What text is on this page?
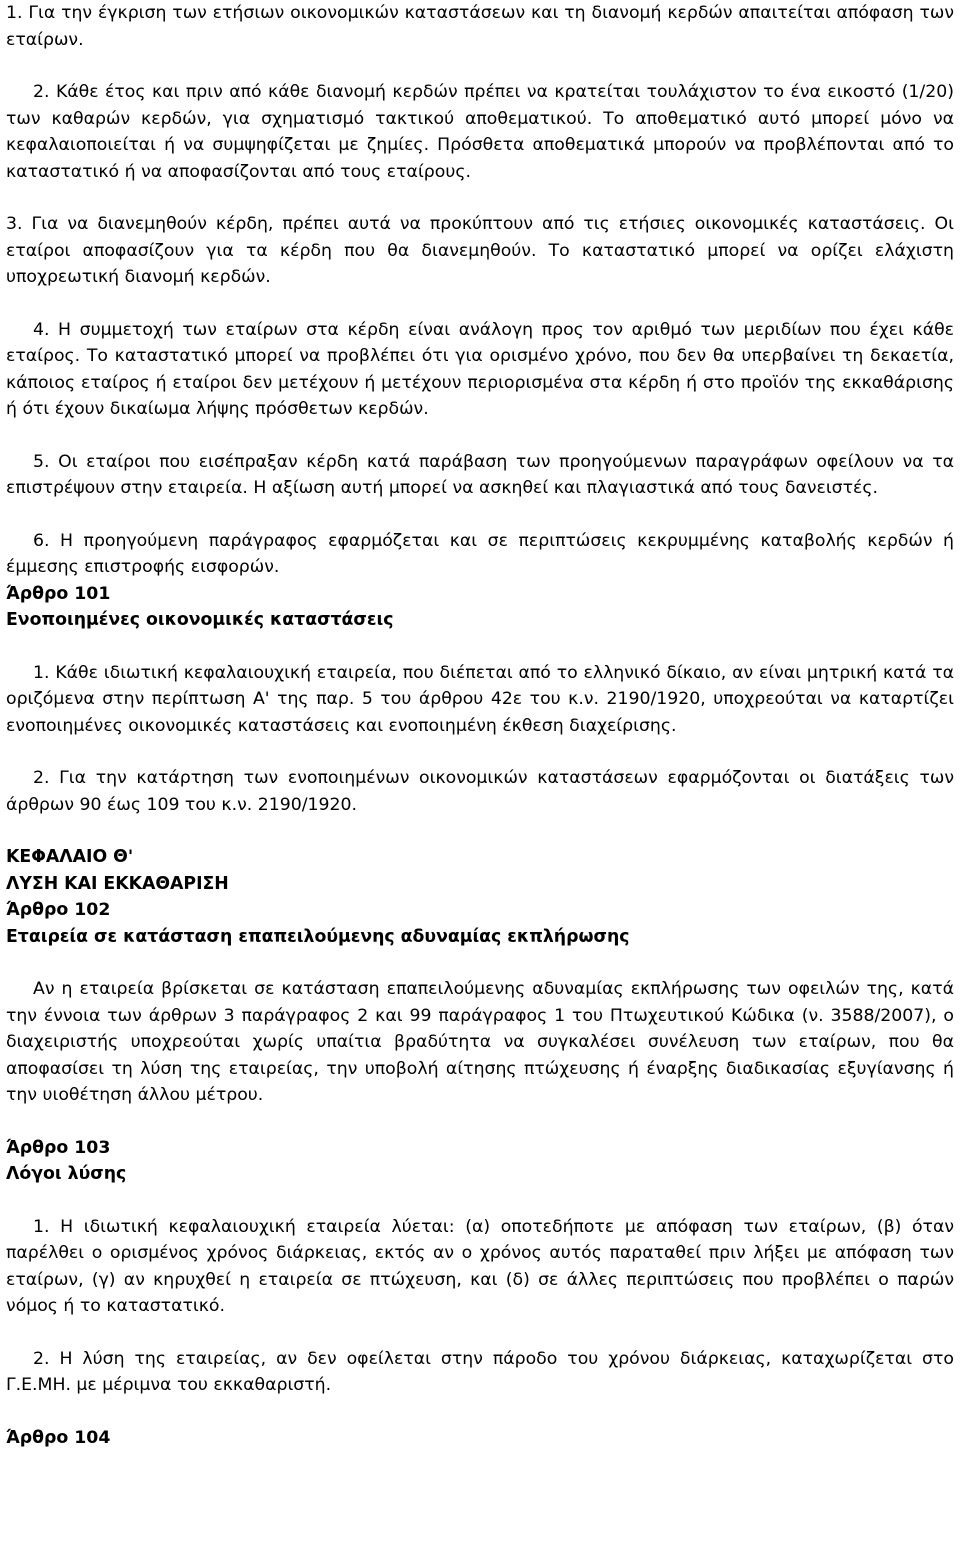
1. Για την έγκριση των ετήσιων οικονομικών καταστάσεων και τη διανομή κερδών απαιτείται απόφαση των εταίρων.

2. Κάθε έτος και πριν από κάθε διανομή κερδών πρέπει να κρατείται τουλάχιστον το ένα εικοστό (1/20) των καθαρών κερδών, για σχηματισμό τακτικού αποθεματικού. Το αποθεματικό αυτό μπορεί μόνο να κεφαλαιοποιείται ή να συμψηφίζεται με ζημίες. Πρόσθετα αποθεματικά μπορούν να προβλέπονται από το καταστατικό ή να αποφασίζονται από τους εταίρους.

3. Για να διανεμηθούν κέρδη, πρέπει αυτά να προκύπτουν από τις ετήσιες οικονομικές καταστάσεις. Οι εταίροι αποφασίζουν για τα κέρδη που θα διανεμηθούν. Το καταστατικό μπορεί να ορίζει ελάχιστη υποχρεωτική διανομή κερδών.

4. Η συμμετοχή των εταίρων στα κέρδη είναι ανάλογη προς τον αριθμό των μεριδίων που έχει κάθε εταίρος. Το καταστατικό μπορεί να προβλέπει ότι για ορισμένο χρόνο, που δεν θα υπερβαίνει τη δεκαετία, κάποιος εταίρος ή εταίροι δεν μετέχουν ή μετέχουν περιορισμένα στα κέρδη ή στο προϊόν της εκκαθάρισης ή ότι έχουν δικαίωμα λήψης πρόσθετων κερδών.

5. Οι εταίροι που εισέπραξαν κέρδη κατά παράβαση των προηγούμενων παραγράφων οφείλουν να τα επιστρέψουν στην εταιρεία. Η αξίωση αυτή μπορεί να ασκηθεί και πλαγιαστικά από τους δανειστές.

6. Η προηγούμενη παράγραφος εφαρμόζεται και σε περιπτώσεις κεκρυμμένης καταβολής κερδών ή έμμεσης επιστροφής εισφορών.

Άρθρο 101

Ενοποιημένες οικονομικές καταστάσεις

1. Κάθε ιδιωτική κεφαλαιουχική εταιρεία, που διέπεται από το ελληνικό δίκαιο, αν είναι μητρική κατά τα οριζόμενα στην περίπτωση Α' της παρ. 5 του άρθρου 42ε του κ.ν. 2190/1920, υποχρεούται να καταρτίζει ενοποιημένες οικονομικές καταστάσεις και ενοποιημένη έκθεση διαχείρισης.

2. Για την κατάρτηση των ενοποιημένων οικονομικών καταστάσεων εφαρμόζονται οι διατάξεις των άρθρων 90 έως 109 του κ.ν. 2190/1920.

ΚΕΦΑΛΑΙΟ Θ'

ΛΥΣΗ ΚΑΙ ΕΚΚΑΘΑΡΙΣΗ

Άρθρο 102

Εταιρεία σε κατάσταση επαπειλούμενης αδυναμίας εκπλήρωσης

Αν η εταιρεία βρίσκεται σε κατάσταση επαπειλούμενης αδυναμίας εκπλήρωσης των οφειλών της, κατά την έννοια των άρθρων 3 παράγραφος 2 και 99 παράγραφος 1 του Πτωχευτικού Κώδικα (ν. 3588/2007), ο διαχειριστής υποχρεούται χωρίς υπαίτια βραδύτητα να συγκαλέσει συνέλευση των εταίρων, που θα αποφασίσει τη λύση της εταιρείας, την υποβολή αίτησης πτώχευσης ή έναρξης διαδικασίας εξυγίανσης ή την υιοθέτηση άλλου μέτρου.

Άρθρο 103

Λόγοι λύσης

1. Η ιδιωτική κεφαλαιουχική εταιρεία λύεται: (α) οποτεδήποτε με απόφαση των εταίρων, (β) όταν παρέλθει ο ορισμένος χρόνος διάρκειας, εκτός αν ο χρόνος αυτός παραταθεί πριν λήξει με απόφαση των εταίρων, (γ) αν κηρυχθεί η εταιρεία σε πτώχευση, και (δ) σε άλλες περιπτώσεις που προβλέπει ο παρών νόμος ή το καταστατικό.

2. Η λύση της εταιρείας, αν δεν οφείλεται στην πάροδο του χρόνου διάρκειας, καταχωρίζεται στο Γ.Ε.ΜΗ. με μέριμνα του εκκαθαριστή.

Άρθρο 104
